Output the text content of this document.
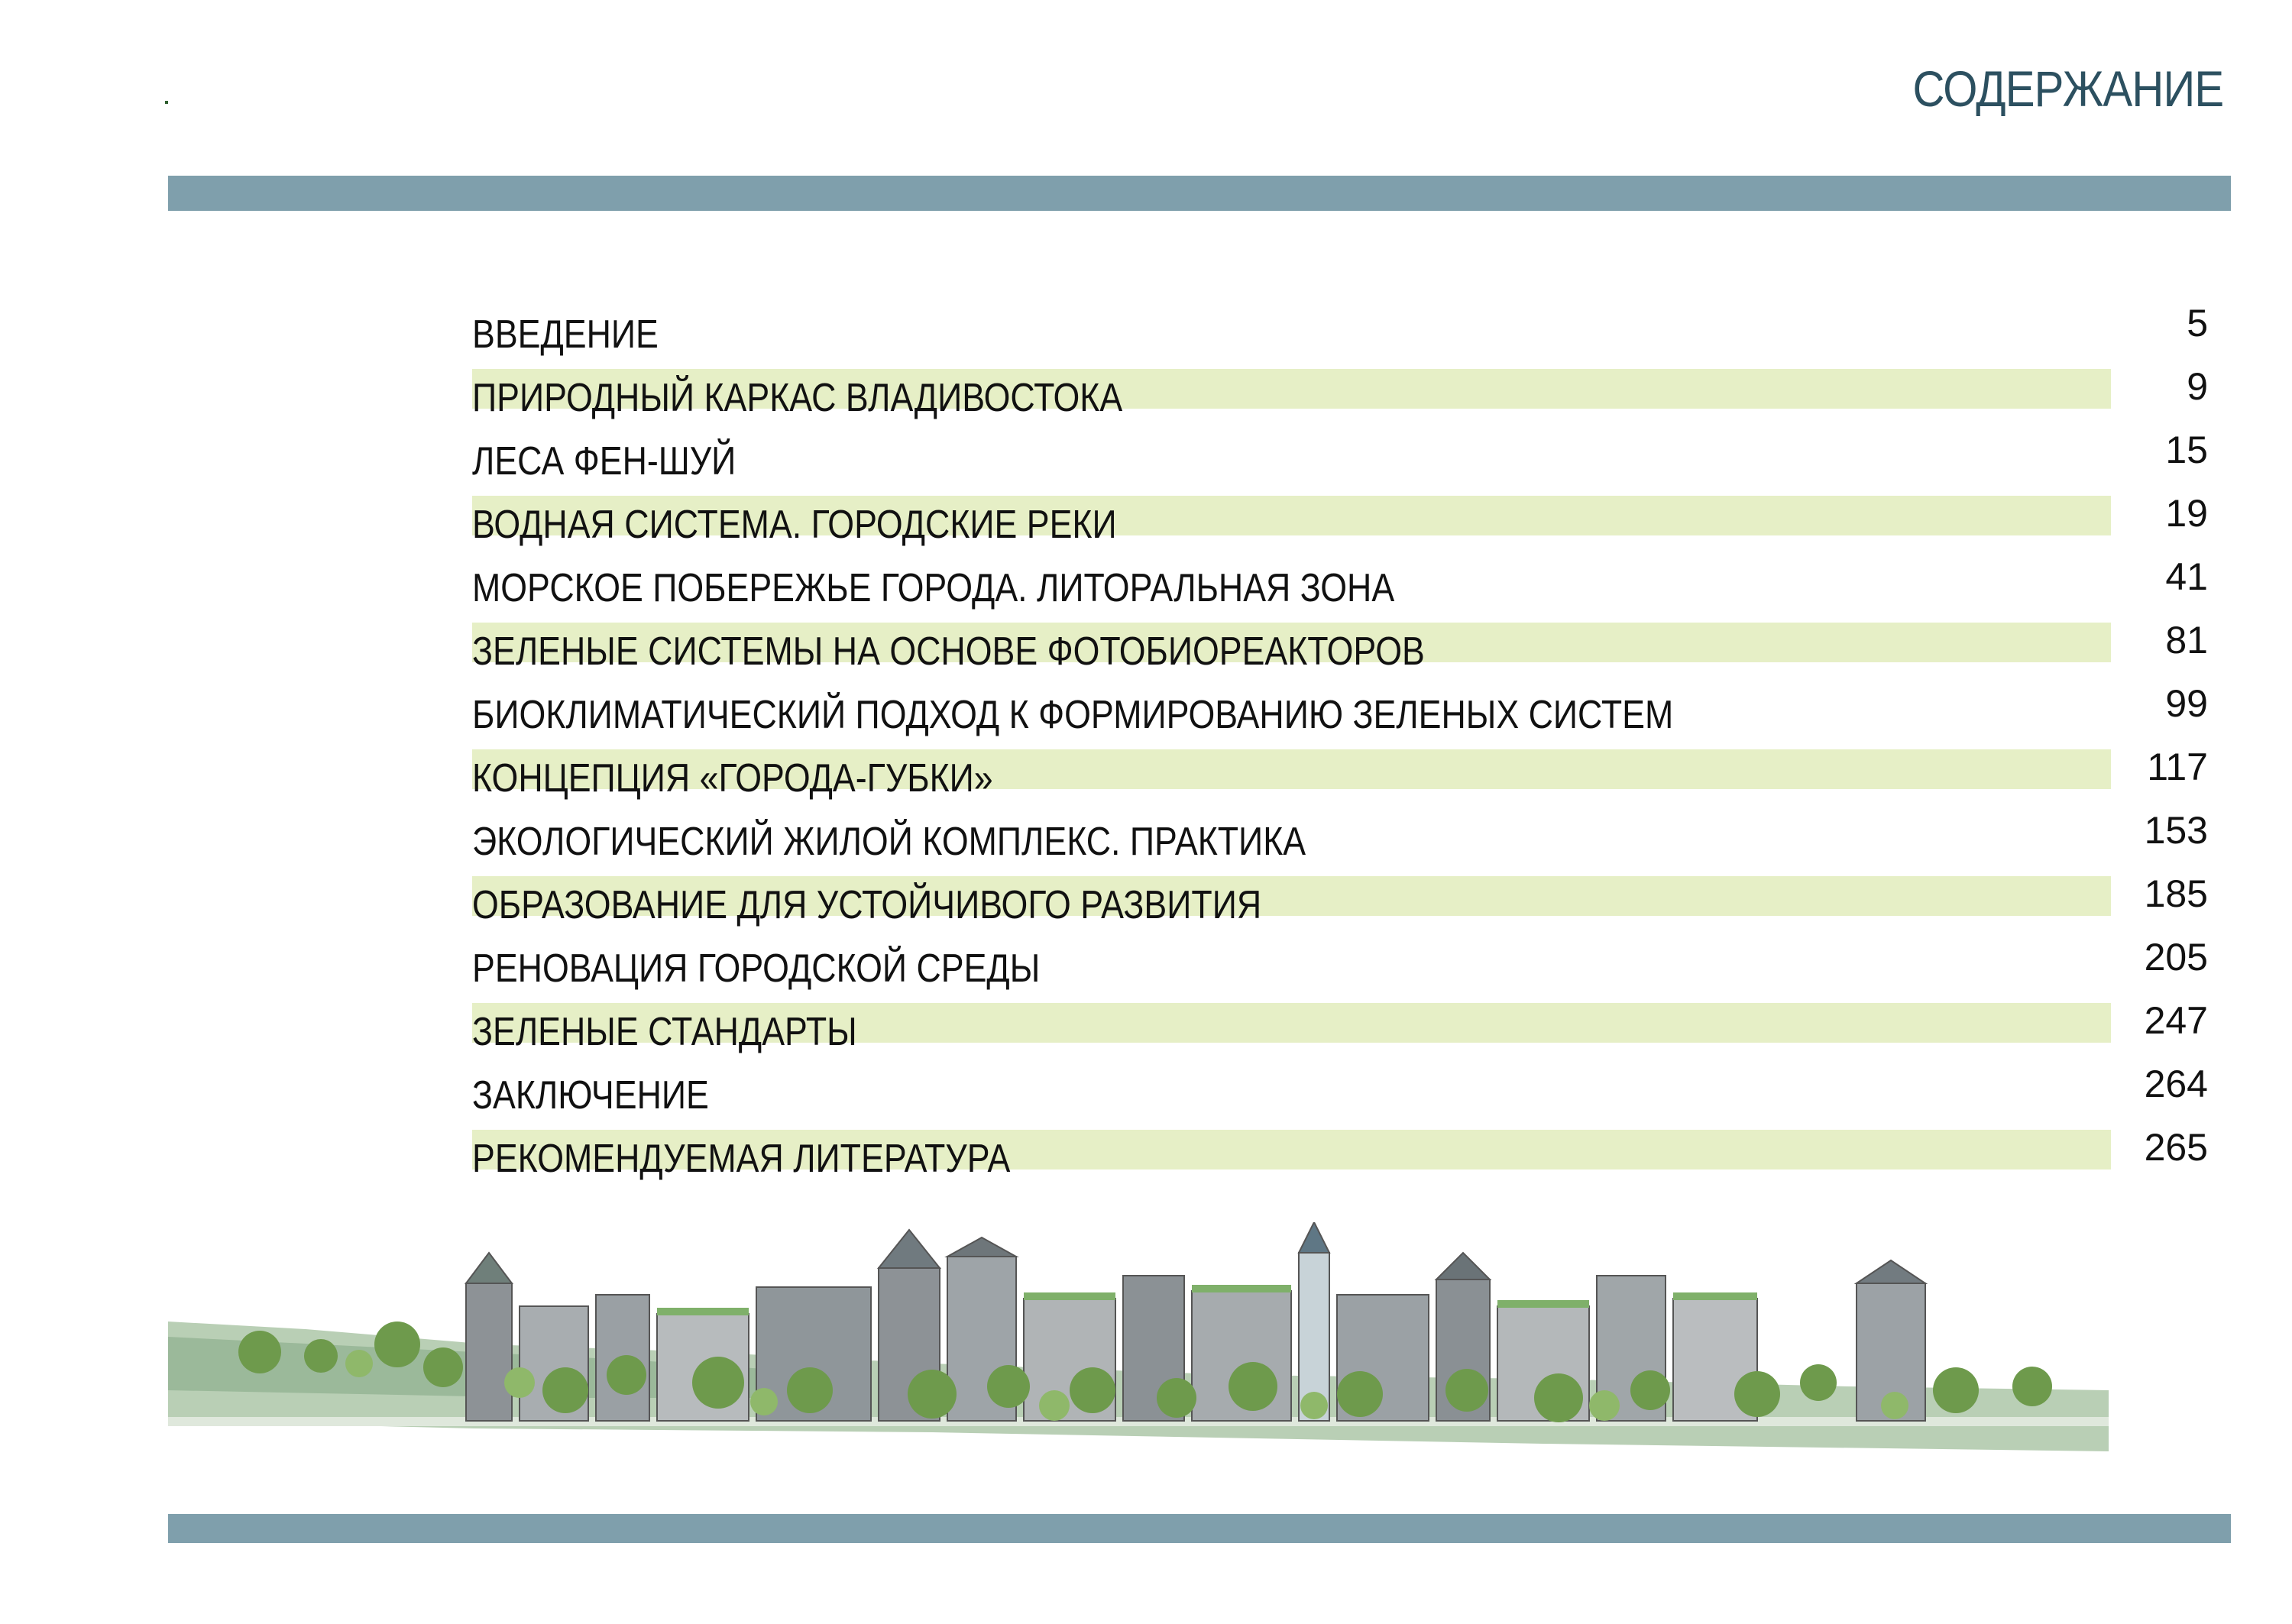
СОДЕРЖАНИЕ
ВВЕДЕНИЕ	5
ПРИРОДНЫЙ КАРКАС ВЛАДИВОСТОКА	9
ЛЕСА ФЕН-ШУЙ	15
ВОДНАЯ СИСТЕМА. ГОРОДСКИЕ РЕКИ	19
МОРСКОЕ ПОБЕРЕЖЬЕ ГОРОДА. ЛИТОРАЛЬНАЯ ЗОНА	41
ЗЕЛЕНЫЕ СИСТЕМЫ НА ОСНОВЕ ФОТОБИОРЕАКТОРОВ	81
БИОКЛИМАТИЧЕСКИЙ ПОДХОД К ФОРМИРОВАНИЮ ЗЕЛЕНЫХ СИСТЕМ	99
КОНЦЕПЦИЯ «ГОРОДА-ГУБКИ»	117
ЭКОЛОГИЧЕСКИЙ ЖИЛОЙ КОМПЛЕКС. ПРАКТИКА	153
ОБРАЗОВАНИЕ ДЛЯ УСТОЙЧИВОГО РАЗВИТИЯ	185
РЕНОВАЦИЯ ГОРОДСКОЙ СРЕДЫ	205
ЗЕЛЕНЫЕ СТАНДАРТЫ	247
ЗАКЛЮЧЕНИЕ	264
РЕКОМЕНДУЕМАЯ ЛИТЕРАТУРА	265
